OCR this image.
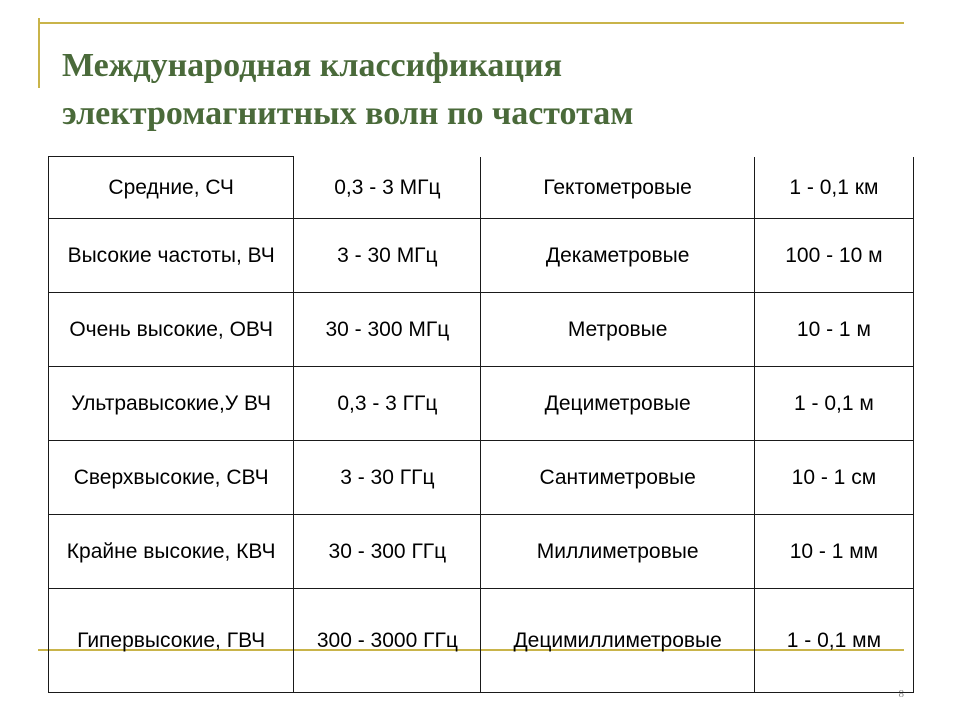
Международная классификация
электромагнитных волн по частотам
Средние, СЧ	0,3 - 3 МГц	Гектометровые	1 - 0,1 км
Высокие частоты, ВЧ	3 - 30 МГц	Декаметровые	100 - 10 м
Очень высокие, ОВЧ	30 - 300 МГц	Метровые	10 - 1 м
Ультравысокие,У ВЧ	0,3 - 3 ГГц	Дециметровые	1 - 0,1 м
Сверхвысокие, СВЧ	3 - 30 ГГц	Сантиметровые	10 - 1 см
Крайне высокие, КВЧ	30 - 300 ГГц	Миллиметровые	10 - 1 мм
Гипервысокие, ГВЧ	300 - 3000 ГГц	Децимиллиметровые	1 - 0,1 мм
8
